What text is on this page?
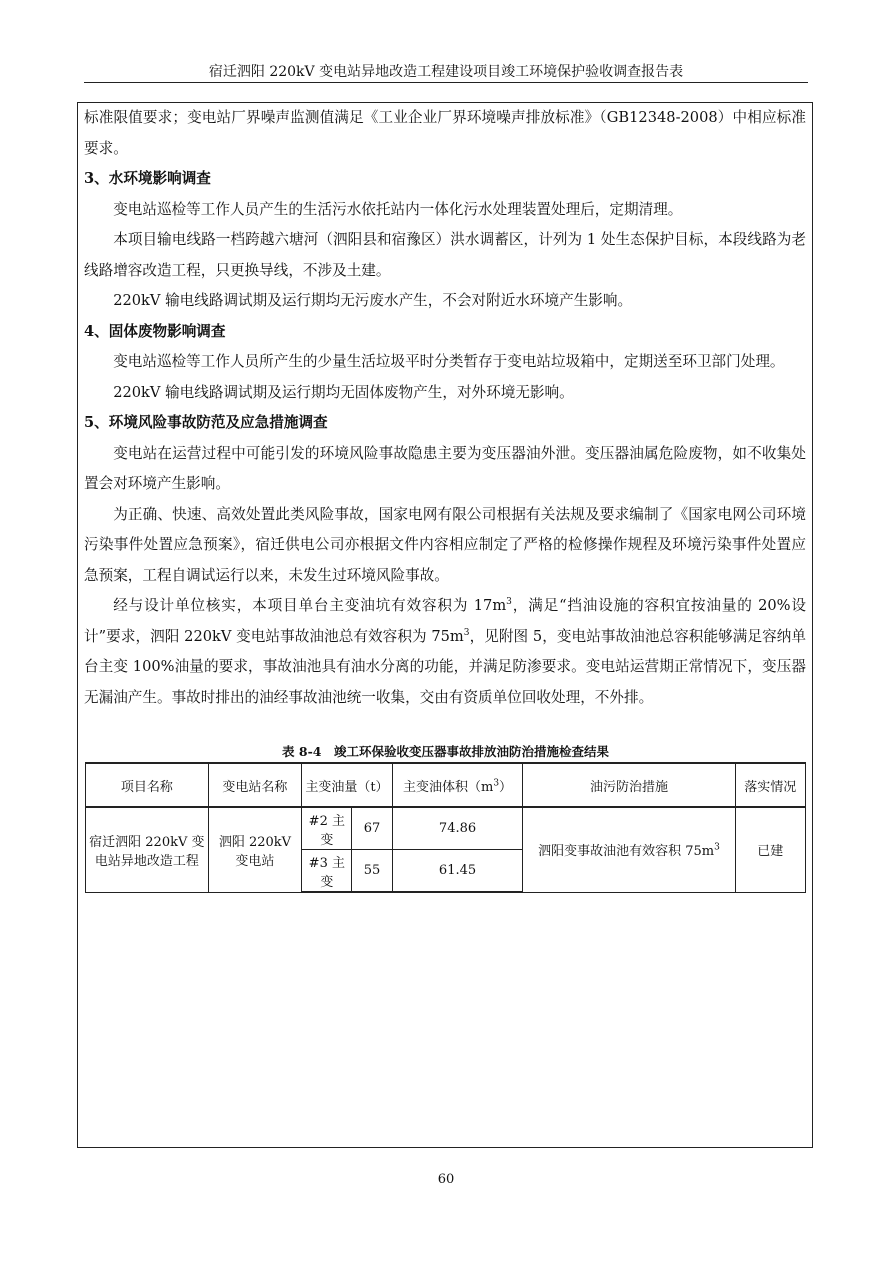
宿迁泗阳 220kV 变电站异地改造工程建设项目竣工环境保护验收调查报告表

标准限值要求；变电站厂界噪声监测值满足《工业企业厂界环境噪声排放标准》（GB12348-2008）中相应标准要求。

3、水环境影响调查

变电站巡检等工作人员产生的生活污水依托站内一体化污水处理装置处理后，定期清理。

本项目输电线路一档跨越六塘河（泗阳县和宿豫区）洪水调蓄区，计列为 1 处生态保护目标，本段线路为老线路增容改造工程，只更换导线，不涉及土建。

220kV 输电线路调试期及运行期均无污废水产生，不会对附近水环境产生影响。

4、固体废物影响调查

变电站巡检等工作人员所产生的少量生活垃圾平时分类暂存于变电站垃圾箱中，定期送至环卫部门处理。

220kV 输电线路调试期及运行期均无固体废物产生，对外环境无影响。

5、环境风险事故防范及应急措施调查

变电站在运营过程中可能引发的环境风险事故隐患主要为变压器油外泄。变压器油属危险废物，如不收集处置会对环境产生影响。

为正确、快速、高效处置此类风险事故，国家电网有限公司根据有关法规及要求编制了《国家电网公司环境污染事件处置应急预案》，宿迁供电公司亦根据文件内容相应制定了严格的检修操作规程及环境污染事件处置应急预案，工程自调试运行以来，未发生过环境风险事故。

经与设计单位核实，本项目单台主变油坑有效容积为 $17m^3$，满足“挡油设施的容积宜按油量的 20%设计”要求，泗阳 220kV 变电站事故油池总有效容积为 $75m^3$，见附图 5，变电站事故油池总容积能够满足容纳单台主变 100%油量的要求，事故油池具有油水分离的功能，并满足防渗要求。变电站运营期正常情况下，变压器无漏油产生。事故时排出的油经事故油池统一收集，交由有资质单位回收处理，不外排。

表 8-4　竣工环保验收变压器事故排放油防治措施检查结果
项目名称	变电站名称	主变油量（t）		主变油体积$(m^3)$	油污防治措施	落实情况
宿迁泗阳 220kV 变电站异地改造工程	泗阳 220kV 变电站	#2 主变	67	74.86	泗阳变事故油池有效容积 $75m^3$	已建
		#3 主变	55	61.45		
60
